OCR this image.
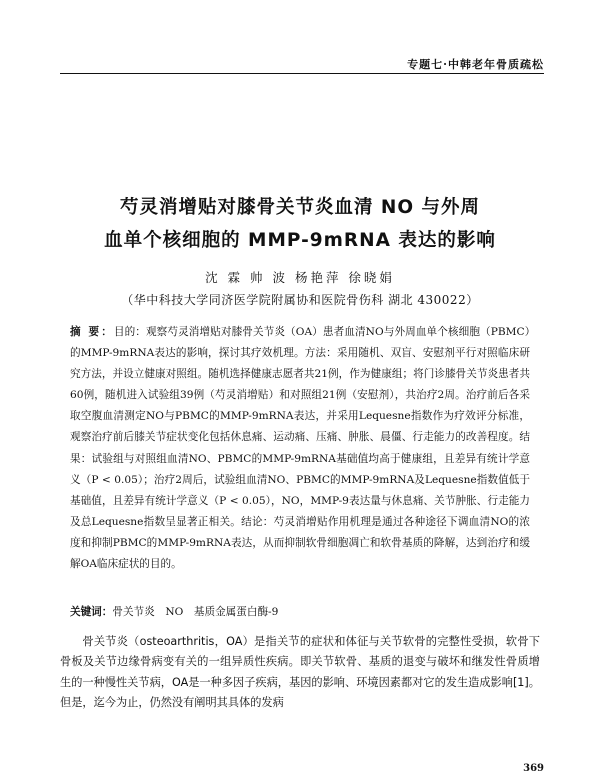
专题七·中韩老年骨质疏松
芍灵消增贴对膝骨关节炎血清 NO 与外周
血单个核细胞的 MMP-9mRNA 表达的影响
沈 霖 帅 波 杨艳萍 徐晓娟
（华中科技大学同济医学院附属协和医院骨伤科 湖北 430022）
摘 要：目的：观察芍灵消增贴对膝骨关节炎（OA）患者血清NO与外周血单个核细胞（PBMC）的MMP-9mRNA表达的影响，探讨其疗效机理。方法：采用随机、双盲、安慰剂平行对照临床研究方法，并设立健康对照组。随机选择健康志愿者共21例，作为健康组；将门诊膝骨关节炎患者共60例，随机进入试验组39例（芍灵消增贴）和对照组21例（安慰剂），共治疗2周。治疗前后各采取空腹血清测定NO与PBMC的MMP-9mRNA表达，并采用Lequesne指数作为疗效评分标准，观察治疗前后膝关节症状变化包括休息痛、运动痛、压痛、肿胀、晨僵、行走能力的改善程度。结果：试验组与对照组血清NO、PBMC的MMP-9mRNA基础值均高于健康组，且差异有统计学意义（P < 0.05）；治疗2周后，试验组血清NO、PBMC的MMP-9mRNA及Lequesne指数值低于基础值，且差异有统计学意义（P < 0.05），NO，MMP-9表达量与休息痛、关节肿胀、行走能力及总Lequesne指数呈显著正相关。结论：芍灵消增贴作用机理是通过各种途径下调血清NO的浓度和抑制PBMC的MMP-9mRNA表达，从而抑制软骨细胞凋亡和软骨基质的降解，达到治疗和缓解OA临床症状的目的。
关键词：骨关节炎　NO　基质金属蛋白酶-9
骨关节炎（osteoarthritis，OA）是指关节的症状和体征与关节软骨的完整性受损，软骨下骨板及关节边缘骨病变有关的一组异质性疾病。即关节软骨、基质的退变与破坏和继发性骨质增生的一种慢性关节病，OA是一种多因子疾病，基因的影响、环境因素都对它的发生造成影响[1]。但是，迄今为止，仍然没有阐明其具体的发病
369
